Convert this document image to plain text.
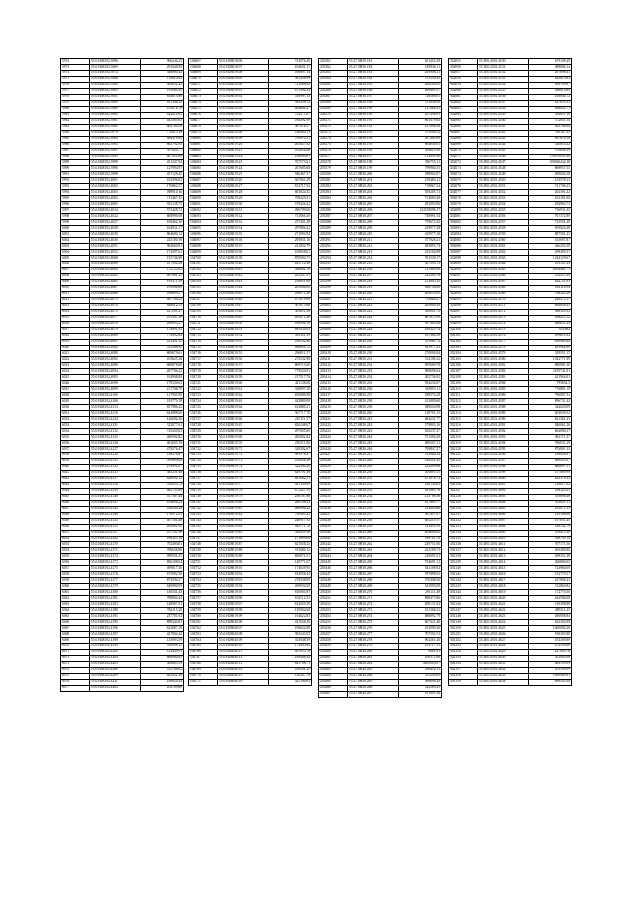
5972	55.0.H48192.3996	906244.25
5973	55.0.H48192.3969	291048.98
5974	55.0.H48192.3972	346880.23
5975	55.0.H48192.3968	114810.62
5976	55.0.H48192.3964	904652.22
5977	55.0.H48192.3965	192568.50
5978	55.0.H48192.3931	854613.98
5979	55.0.H48192.3999	811346.42
5980	55.0.H48192.3960	676478.78
5981	55.0.H48192.3962	422010.02
5982	55.0.H48192.3961	441365.05
5983	55.0.H48192.3982	602764.08
5984	55.0.H48192.3979	778415.34
5985	55.0.H48192.3984	664318.84
5986	55.0.H48192.3963	863792.83
5987	55.0.H48192.3981	397824.77
5988	55.0.H48192.3993	887452.69
5989	55.0.H48192.3998	451347.94
5990	55.0.H48192.3996	127894.97
5991	55.0.H48192.3998	457128.45
5992	55.0.H48192.4001	102396.82
5993	55.0.H48192.4002	176862.57
5994	55.0.H48192.4003	598910.16
5995	55.0.H48192.4002	713467.45
5996	55.0.H48192.4005	931138.75
5997	55.0.H48192.4014	573428.73
5998	55.0.H48192.4022	608996.08
5999	55.0.H48192.4027	109462.36
6000	55.0.H48192.4038	164931.17
6001	55.0.H48192.4039	864680.14
6002	55.0.H48192.4036	225100.19
6003	55.0.H48192.4051	904660.81
6004	55.0.H48192.4052	173297.61
6005	55.0.H48192.4068	155746.98
6006	55.0.H48192.4069	417902.26
6007	55.0.H48192.4064	172725.02
6008	55.0.H48192.4062	607961.25
6009	55.0.H48192.4065	193371.59
6010	55.0.H48192.4067	870906.60
6011	55.0.H48192.4068	186609.57
6012	55.0.H48192.4073	467706.25
6013	55.0.H48192.4070	848012.52
6014	55.0.H48192.4075	417291.27
6015	55.0.H48192.4077	251367.58
6016	55.0.H48192.4078	294953.27
6017	55.0.H48192.4079	174891.92
6018	55.0.H48192.4080	774902.62
6019	55.0.H48192.4081	221401.52
6020	55.0.H48192.4082	513566.82
6021	55.0.H48192.4088	869679.61
6022	55.0.H48192.4092	105625.36
6023	55.0.H48192.4086	686878.68
6024	55.0.H48192.4094	267706.22
6025	55.0.H48192.4095	104908.00
6026	55.0.H48192.4098	179336.63
6027	55.0.H48192.4099	157708.79
6028	55.0.H48192.4100	117905.89
6029	55.0.H48192.4106	193779.19
6030	55.0.H48192.4113	837986.42
6031	55.0.H48192.4116	624988.69
6032	55.0.H48192.4124	126694.36
6033	55.0.H48192.4131	323077.61
6034	55.0.H48192.4132	725430.63
6035	55.0.H48192.4125	460904.82
6036	55.0.H48192.4126	461603.18
6037	55.0.H48192.4127	479276.47
6038	55.0.H48192.4128	198276.67
6039	55.0.H48192.4131	395606.63
6040	55.0.H48192.4132	213991.07
6041	55.0.H48192.4135	385231.38
6042	55.0.H48192.4137	628092.32
6043	55.0.H48192.4138	318053.72
6044	55.0.H48192.4139	482733.06
6045	55.0.H48192.4140	517367.44
6046	55.0.H48192.4141	814608.23
6047	55.0.H48192.4144	106546.24
6048	55.0.H48192.4148	176972.61
6049	55.0.H48192.4152	407164.48
6050	55.0.H48192.4155	202981.65
6051	55.0.H48192.4157	257101.96
6052	55.0.H48192.4162	296325.16
6053	55.0.H48192.4170	792490.81
6054	55.0.H48192.4171	706638.86
6055	55.0.H48192.4172	999501.25
6056	55.0.H48192.4173	856108.04
6057	55.0.H48192.4175	499017.56
6058	55.0.H48192.4176	675992.56
6059	55.0.H48192.4177	874594.57
6060	55.0.H48192.4179	649890.09
6061	55.0.H48192.4180	140541.45
6062	55.0.H48192.4181	788804.44
6063	55.0.H48192.4183	148997.91
6064	55.0.H48192.4188	784115.20
6065	55.0.H48192.4191	237701.03
6066	55.0.H48192.4195	898344.83
6067	55.0.H48192.4196	632687.19
6068	55.0.H48192.4197	427894.44
6069	55.0.H48192.4198	125093.59
6070	55.0.H48192.4199	318096.12
6071	55.0.H48192.4200	123640.91
6072	55.0.H48192.4204	666060.85
6073	55.0.H48192.4205	584885.53
6074	55.0.H48192.4206	512768.62
6075	55.0.H48192.4209	641031.28
6076	55.0.H48192.4211	256624.44
6077	55.0.H48192.4204	102789.60
104667	55.0.H28018.06	743076.40
104668	55.0.H28018.07	104601.17
104669	55.0.H28018.08	160807.14
104670	55.0.H28018.09	361456.99
104671	55.0.H28018.90	722966.82
104672	55.0.H28018.91	671596.34
104673	55.0.H28018.92	530997.33
104674	55.0.H28018.93	993358.52
104675	55.0.H28018.94	604684.27
104676	55.0.H28018.95	722577.67
104677	55.0.H28018.96	168292.09
104678	55.0.H28018.97	567476.57
104679	55.0.H28018.98	166404.11
104680	55.0.H28018.99	709970.51
104681	55.0.H28019.20	492827.62
104682	55.0.H28019.21	102856.86
104683	55.0.H28019.22	216690.61
104684	55.0.H28019.23	767573.61
104685	55.0.H28019.24	207685.68
104686	55.0.H28019.25	946467.57
104687	55.0.H28019.26	567061.29
104688	55.0.H28019.27	812717.94
104689	55.0.H28019.28	603024.35
104690	55.0.H28019.29	798229.41
104691	55.0.H28019.30	579426.22
104692	55.0.H28019.31	496709.60
104693	55.0.H28019.32	731866.30
104694	55.0.H28019.33	257401.28
104695	55.0.H28019.34	297806.22
104696	55.0.H28019.35	271893.94
104697	55.0.H28019.36	295831.16
104698	55.0.H28019.37	231830.79
104699	55.0.H28019.38	109658.61
104700	55.0.H28019.39	876594.75
104701	55.0.H28019.40	633712.48
104702	55.0.H28019.41	348802.76
104703	55.0.H28019.42	261247.53
104704	55.0.H28019.43	256651.06
104705	55.0.H28019.44	261004.82
104706	55.0.H28019.45	298871.56
104707	55.0.H28019.46	471079.69
104708	55.0.H28019.47	301075.86
104709	55.0.H28019.48	491611.36
104710	55.0.H28019.49	891071.36
104711	55.0.H28019.50	189308.18
104712	55.0.H28019.51	695934.63
104713	55.0.H28019.52	392121.35
104714	55.0.H28019.53	230532.86
104715	55.0.H28019.54	890654.72
104716	55.0.H28019.55	296811.57
104717	55.0.H28019.56	273532.98
104718	55.0.H28019.57	869713.60
104719	55.0.H28019.58	779520.91
104720	55.0.H28019.59	217517.76
104721	55.0.H28019.60	421136.66
104722	55.0.H28019.61	338997.18
104723	55.0.H28019.62	656080.98
104724	55.0.H28019.63	442880.09
104725	55.0.H28019.64	612880.21
104726	55.0.H28019.65	567717.78
104727	55.0.H28019.66	247111.57
104728	55.0.H28019.67	826248.67
104729	55.0.H28019.68	297605.60
104730	55.0.H28019.69	282002.84
104731	55.0.H28019.70	250311.80
104732	55.0.H28019.71	328302.67
104733	55.0.H28019.72	995576.37
104734	55.0.H28019.73	258926.36
104735	55.0.H28019.74	322100.30
104736	55.0.H28019.75	629701.56
104737	55.0.H28019.76	881082.51
104738	55.0.H28019.77	941339.85
104739	55.0.H28019.78	871227.59
104740	55.0.H28019.79	250187.86
104741	55.0.H28019.80	280136.93
104742	55.0.H28019.81	806998.22
104743	55.0.H28019.82	796385.42
104744	55.0.H28019.83	248917.92
104745	55.0.H28019.84	845771.78
104746	55.0.H28019.85	344859.56
104747	55.0.H28019.86	271899.06
104748	55.0.H28019.87	627658.25
104749	55.0.H28019.88	313600.12
104750	55.0.H28019.89	849071.51
104751	55.0.H28019.90	149771.07
104752	55.0.H28019.91	174629.95
104753	55.0.H28019.92	182958.44
104754	55.0.H28019.93	278338.99
104755	55.0.H28019.94	269932.69
104756	55.0.H28019.95	816085.87
104757	55.0.H28019.96	104712.53
104758	55.0.H28019.97	613029.39
104759	55.0.H28019.98	129004.68
104760	55.0.H28019.99	104622.83
104761	55.0.H28040.06	427638.36
104762	55.0.H28040.07	196622.80
104763	55.0.H28040.08	393343.93
104764	55.0.H28040.09	354948.39
104765	55.0.H28040.10	172003.64
104766	55.0.H28040.11	401953.79
104767	55.0.H28040.12	256488.44
104768	55.0.H28040.13	841706.71
104769	55.0.H28040.14	189201.25
104770	55.0.H28040.15	130207.78
104771	55.0.H28040.16	421180.03
203361	55.27.0H30.181	201452.29
203362	55.27.0H30.182	185936.11
203363	55.27.0H30.183	205906.21
203364	55.27.0H30.184	379139.45
203365	55.27.0H30.185	469200.92
203366	55.27.0H30.186	469401.87
203367	55.27.0H30.187	728300.01
203368	55.27.0H30.188	573936.58
203369	55.27.0H30.189	127068.25
203370	55.27.0H30.190	437456.05
203371	55.27.0H30.191	803379.63
203372	55.27.0H30.192	217896.38
203373	55.27.0H30.193	701906.52
203374	55.27.0H30.194	267402.69
203375	55.27.0H30.195	864830.01
203376	55.27.0H30.196	584614.50
203377	55.27.0H30.197	112891.80
203378	55.27.0H30.198	396755.11
203379	55.27.0H30.199	799904.55
203380	55.27.0H30.200	598902.87
203381	55.27.0H30.201	259484.12
203382	55.27.0H30.202	718867.24
203383	55.27.0H30.203	558205.73
203384	55.27.0H30.204	714069.48
203385	55.27.0H30.205	491093.96
203386	55.27.0H30.206	124518096.17
203387	55.27.0H30.207	730991.54
203388	55.27.0H30.208	759672.45
203389	55.27.0H30.209	419977.28
203390	55.27.0H30.210	419977.28
203391	55.27.0H30.211	577926.21
203392	55.27.0H30.212	383995.74
203393	55.27.0H30.213	413102.89
203394	55.27.0H30.214	761530.17
203395	55.27.0H30.215	507393.73
203396	55.27.0H30.216	127665.08
203397	55.27.0H30.217	323283.76
203398	55.27.0H30.218	123603.32
203399	55.27.0H30.219	696734.68
203400	55.27.0H30.220	263055.65
203401	55.27.0H30.221	753684.47
203402	55.27.0H30.222	265600.49
203403	55.27.0H30.223	309001.72
203404	55.27.0H30.224	687873.59
203405	55.27.0H30.225	567483.46
203406	55.27.0H30.226	299323.74
203407	55.27.0H30.227	557364.58
203408	55.27.0H30.228	311081.72
203409	55.27.0H30.229	921977.25
203410	55.27.0H30.230	270004.84
203411	55.27.0H30.231	512106.32
203412	55.27.0H30.232	995669.78
203413	55.27.0H30.233	908696.64
203414	55.27.0H30.234	302756.92
203415	55.27.0H30.235	954234.87
203416	55.27.0H30.236	318903.11
203417	55.27.0H30.237	298574.28
203418	55.27.0H30.238	413009.60
203419	55.27.0H30.239	949654.98
203420	55.27.0H30.240	130701.35
203421	55.27.0H30.241	484231.77
203422	55.27.0H30.242	379803.16
203423	55.27.0H30.243	810237.47
203424	55.27.0H30.244	751304.29
203425	55.27.0H30.245	489307.31
203426	55.27.0H30.246	709847.27
203427	55.27.0H30.247	312060.34
203428	55.27.0H30.248	616201.45
203429	55.27.0H30.249	414309.88
203430	55.27.0H30.250	401605.11
203431	55.27.0H30.251	471076.72
203432	55.27.0H30.252	140130.63
203433	55.27.0H30.253	381065.76
203434	55.27.0H30.254	215708.36
203435	55.27.0H30.255	617603.77
203436	55.27.0H30.256	143603.60
203437	55.27.0H30.257	567457.07
203438	55.27.0H30.258	605210.17
203439	55.27.0H30.259	141495.59
203440	55.27.0H30.260	604806.82
203441	55.27.0H30.261	189701.78
203442	55.27.0H30.262	249751.06
203443	55.27.0H30.263	221109.73
203444	55.27.0H30.264	216091.61
203445	55.27.0H30.265	734691.12
203446	55.27.0H30.266	541108.92
203447	55.27.0H30.267	787899.03
203448	55.27.0H30.268	570408.56
203449	55.27.0H30.269	543993.09
203450	55.27.0H30.270	291111.48
203451	55.27.0H30.271	898473.86
203452	55.27.0H30.272	499131.84
203453	55.27.0H30.273	101306.52
203454	55.27.0H30.274	888892.79
203455	55.27.0H30.275	607421.40
203456	55.27.0H30.276	161090.36
203457	55.27.0H30.277	707592.53
203458	55.27.0H30.278	902361.46
203459	55.27.0H30.279	103717.15
203460	55.27.0H30.280	9681.61
203461	55.27.0H30.281	100371.68
203462	55.27.0H30.282	4653003.07
203463	55.27.0H30.283	296452.11
203464	55.27.0H30.284	591249.65
203465	55.27.0H30.285	568608.28
203466	55.27.0H30.286	542389.25
203467	55.27.0H30.287	911891.34
302055	55.3E0.4501.4530	679108.29
302056	55.3E0.4501.4531	489866.14
302057	55.3E0.4501.4532	287698.41
302058	55.3E0.4501.4533	443013.83
302059	55.3E0.4501.4534	309789.87
302060	55.3E0.4501.4535	386614.89
302061	55.3E0.4501.4536	416044.72
302062	55.3E0.4501.4537	427653.35
302063	55.3E0.4501.4538	466622.71
302064	55.3E0.4501.4539	382611.16
302065	55.3E0.4501.4540	372051.14
302066	55.3E0.4501.4541	943706.66
302067	55.3E0.4501.4542	780187.45
302068	55.3E0.4501.4543	967674.16
302069	55.3E0.4501.4544	326614.42
302070	55.3E0.4501.4545	970698.39
302071	55.3E0.4501.4546	110970031.88
302072	55.3E0.4501.4547	100626442.18
302073	55.3E0.4501.4548	869957.55
302074	55.3E0.4501.4549	289656.58
302075	55.3E0.4501.4550	133578.13
302076	55.3E0.4501.4551	741706.23
302077	55.3E0.4501.4552	202391.42
302078	55.3E0.4501.4553	231181.06
302079	55.3E0.4501.4554	294963.73
302080	55.3E0.4501.4555	736931.35
302081	55.3E0.4501.4556	767372.89
302082	55.3E0.4501.4557	723501.20
302083	55.3E0.4501.4558	593924.48
302084	55.3E0.4501.4559	887591.23
302085	55.3E0.4501.4560	353697.87
302086	55.3E0.4501.4561	446254.38
302087	55.3E0.4501.4562	299495.37
302088	55.3E0.4501.4563	1244129.67
302089	55.3E0.4501.4564	291121.49
302090	55.3E0.4501.4565	8164461.73
302091	55.3E0.4501.4566	239211.49
302092	55.3E0.4501.4567	624751.93
302093	55.3E0.4501.4568	941114.94
302094	55.3E0.4501.4569	768302.26
302095	55.3E0.4501.4570	249271.57
302096	55.3E0.4501.4571	600849.45
302097	55.3E0.4501.4572	388529.32
302098	55.3E0.4501.4573	698211.12
302099	55.3E0.4501.4574	686611.43
302100	55.3E0.4501.4575	631662
302101	55.3E0.4501.4576	899611.82
302102	55.3E0.4501.4577	690889.44
302103	55.3E0.4501.4578	281962.88
302104	55.3E0.4501.4579	329551.17
302105	55.3E0.4501.4580	1922771.99
302106	55.3E0.4501.4581	880881.30
302107	55.3E0.4501.4582	1195741.91
302108	55.3E0.4501.4583	421904.01
302109	55.3E0.4501.4584	795654.3
302110	55.3E0.4501.4585	776881.19
302111	55.3E0.4501.4586	796087.52
302112	55.3E0.4501.4587	896731.42
302113	55.3E0.4501.4588	344020.09
302114	55.3E0.4501.4589	403036.52
302115	55.3E0.4501.4590	621361.23
302116	55.3E0.4501.4591	846061.26
302117	55.3E0.4501.4592	664080.37
302118	55.3E0.4501.4593	382171.37
302119	55.3E0.4501.4594	786031.29
302120	55.3E0.4501.4595	876901.33
302121	55.3E0.4501.4596	188026.67
302122	55.3E0.4501.4597	686903.87
302123	55.3E0.4501.4598	686807.51
302124	55.3E0.4501.4599	117069.99
302125	55.3E0.4501.4600	423378.22
302126	55.3E0.4501.4601	216017.02
302127	55.3E0.4501.4602	188303.23
302128	55.3E0.4501.4603	555806.46
302129	55.3E0.4501.4604	301021.11
302130	55.3E0.4501.4605	295071.53
302131	55.3E0.4501.4606	145106.86
302132	55.3E0.4501.4607	107051.45
302133	55.3E0.4501.4608	148132.79
302134	55.3E0.4501.4609	299411.98
302135	55.3E0.4501.4610	396795.14
302136	55.3E0.4501.4611	767171.36
302137	55.3E0.4501.4612	565480.86
302138	55.3E0.4501.4613	498331.28
302139	55.3E0.4501.4614	266806.05
302140	55.3E0.4501.4615	724960.09
302141	55.3E0.4501.4616	133779.57
302142	55.3E0.4501.4617	227868.23
302143	55.3E0.4501.4618	312860.82
302144	55.3E0.4501.4619	172770.36
302145	55.3E0.4501.4620	444506.08
302146	55.3E0.4501.4621	149398.88
302147	55.3E0.4501.4622	489311.25
302148	55.3E0.4501.4623	490808.84
302149	55.3E0.4501.4624	442302.99
302150	55.3E0.4501.4625	1460692.36
302151	55.3E0.4501.4626	190305.88
302152	55.3E0.4501.4627	474309.89
302153	55.3E0.4501.4628	472556.60
302154	55.3E0.4501.4629	227083.76
302155	55.3E0.4501.4630	411063.08
302156	55.3E0.4501.4631	463199.09
302157	55.3E0.4501.4632	451199.09
302158	55.3E0.4501.4633	1090089.41
302159	55.3E0.4501.4634	896245.58
